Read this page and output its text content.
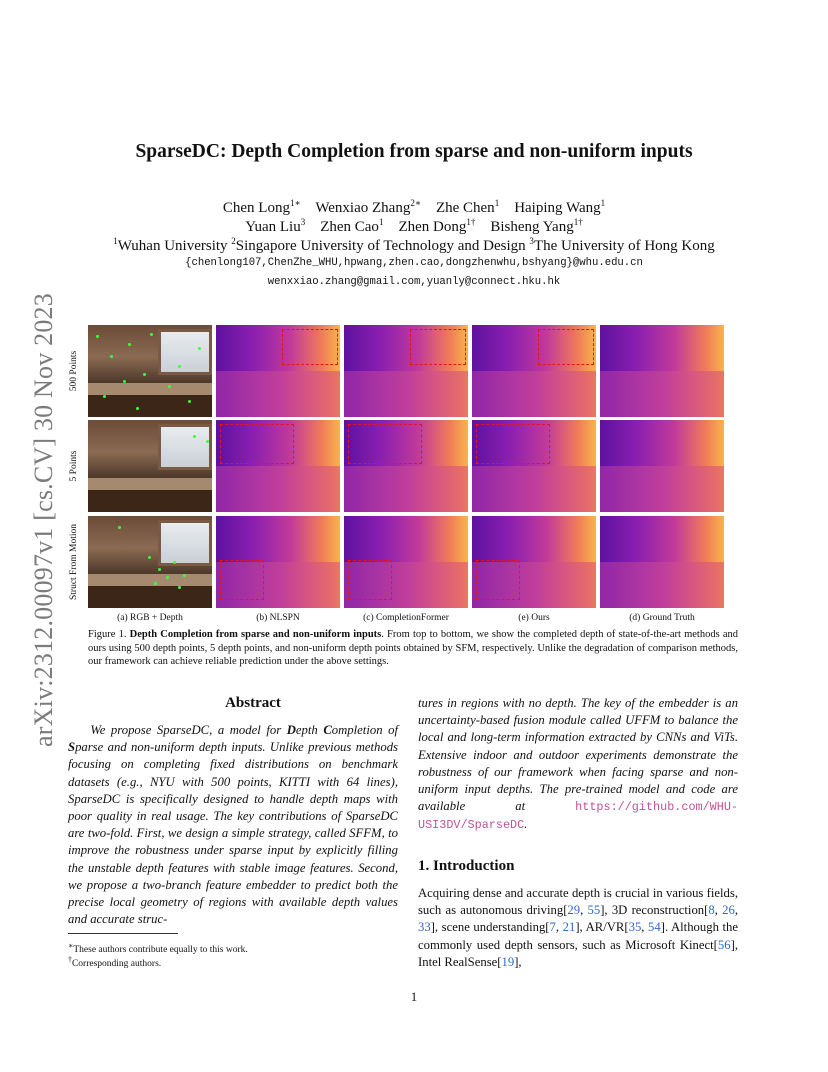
arXiv:2312.00097v1 [cs.CV] 30 Nov 2023
SparseDC: Depth Completion from sparse and non-uniform inputs
Chen Long$^{1∗}$ Wenxiao Zhang$^{2∗}$ Zhe Chen$^1$ Haiping Wang$^1$
Yuan Liu$^3$ Zhen Cao$^1$ Zhen Dong$^{1\dagger}$ Bisheng Yang$^{1\dagger}$
$^1$Wuhan University $^2$Singapore University of Technology and Design $^3$The University of Hong Kong
{chenlong107,ChenZhe_WHU,hpwang,zhen.cao,dongzhenwhu,bshyang}@whu.edu.cn
wenxxiao.zhang@gmail.com,yuanly@connect.hku.hk
500 Points
5 Points
Struct From Motion
(a) RGB + Depth	(b) NLSPN	(c) CompletionFormer	(e) Ours	(d) Ground Truth
Figure 1. Depth Completion from sparse and non-uniform inputs. From top to bottom, we show the completed depth of state-of-the-art methods and ours using 500 depth points, 5 depth points, and non-uniform depth points obtained by SFM, respectively. Unlike the degradation of comparison methods, our framework can achieve reliable prediction under the above settings.
Abstract
We propose SparseDC, a model for Depth Completion of Sparse and non-uniform depth inputs. Unlike previous methods focusing on completing fixed distributions on benchmark datasets (e.g., NYU with 500 points, KITTI with 64 lines), SparseDC is specifically designed to handle depth maps with poor quality in real usage. The key contributions of SparseDC are two-fold. First, we design a simple strategy, called SFFM, to improve the robustness under sparse input by explicitly filling the unstable depth features with stable image features. Second, we propose a two-branch feature embedder to predict both the precise local geometry of regions with available depth values and accurate struc-
tures in regions with no depth. The key of the embedder is an uncertainty-based fusion module called UFFM to balance the local and long-term information extracted by CNNs and ViTs. Extensive indoor and outdoor experiments demonstrate the robustness of our framework when facing sparse and non-uniform input depths. The pre-trained model and code are available at https://github.com/WHU-USI3DV/SparseDC.
1. Introduction
Acquiring dense and accurate depth is crucial in various fields, such as autonomous driving[29, 55], 3D reconstruction[8, 26, 33], scene understanding[7, 21], AR/VR[35, 54]. Although the commonly used depth sensors, such as Microsoft Kinect[56], Intel RealSense[19],
∗These authors contribute equally to this work.
†Corresponding authors.
1
